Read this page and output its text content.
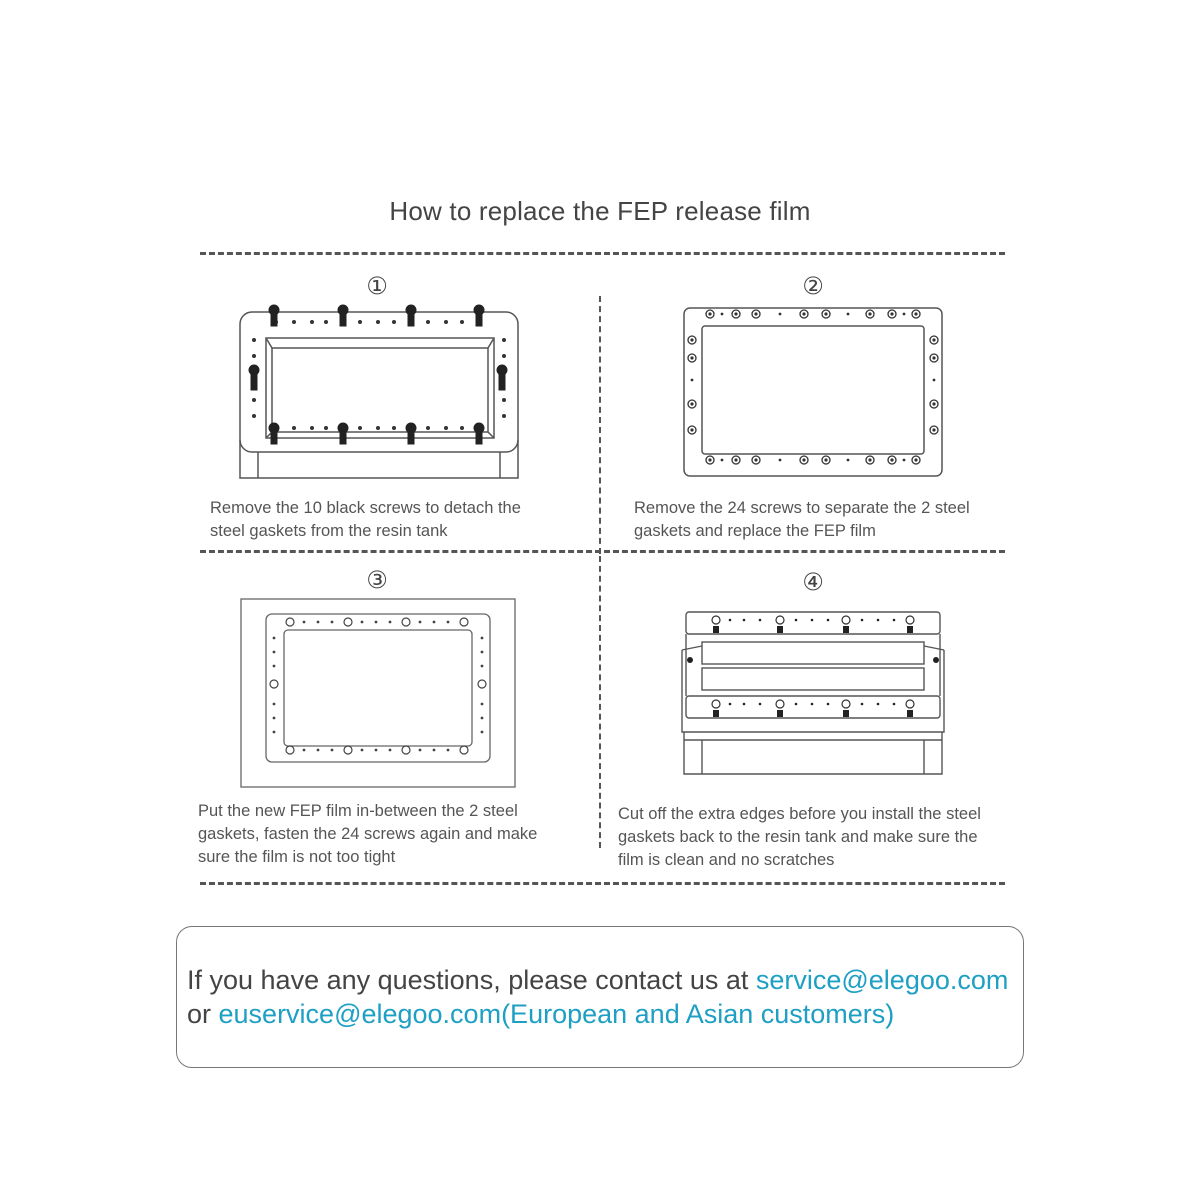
How to replace the FEP release film
①
Remove the 10 black screws to detach the
steel gaskets from the resin tank
②
Remove the 24 screws to separate the 2 steel
gaskets and replace the FEP film
③
Put the new FEP film in-between the 2 steel
gaskets, fasten the 24 screws again and make
sure the film is not too tight
④
Cut off the extra edges before you install the steel
gaskets back to the resin tank and make sure the
film is clean and no scratches
If you have any questions, please contact us at service@elegoo.com
or euservice@elegoo.com(European and Asian customers)
